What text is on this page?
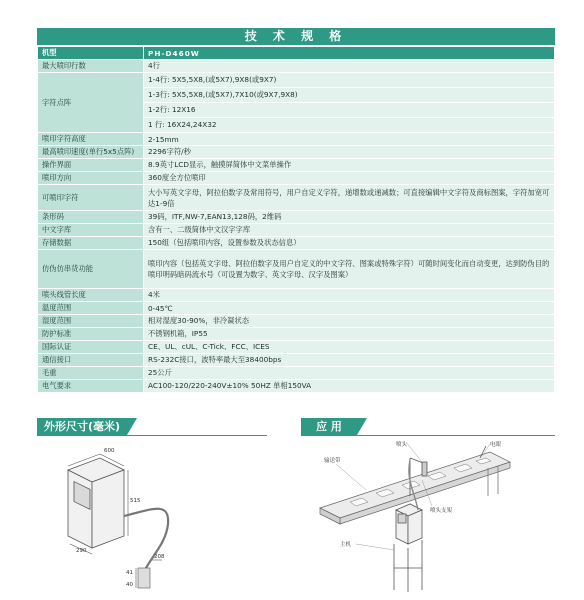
技 术 规 格
机型	PH-D460W
最大喷印行数	4行
字符点阵	1-4行: 5X5,5X8,(或5X7),9X8(或9X7)
	1-3行: 5X5,5X8,(或5X7),7X10(或9X7,9X8)
	1-2行: 12X16
	1 行: 16X24,24X32
喷印字符高度	2-15mm
最高喷印速度(单行5x5点阵)	2296字符/秒
操作界面	8.9英寸LCD显示，触摸屏简体中文菜单操作
喷印方向	360度全方位喷印
可喷印字符	大小写英文字母，阿拉伯数字及常用符号，用户自定义字符，递增数或递减数；可直接编辑中文字符及商标图案，字符加宽可达1-9倍
条形码	39码，ITF,NW-7,EAN13,128码，2维码
中文字库	含有一、二级简体中文汉字字库
存储数据	150组（包括喷印内容，设置参数及状态信息）
仿伪仿串货功能	喷印内容（包括英文字母、阿拉伯数字及用户自定义的中文字符、图案或特殊字符）可随时间变化而自动变更，达到防伪目的
喷印明码暗码流水号（可设置为数字、英文字母、汉字及图案）
喷头线管长度	4米
温度范围	0-45℃
湿度范围	相对湿度30-90%，非冷凝状态
防护标准	不锈钢机箱，IP55
国际认证	CE、UL、cUL、C-Tick、FCC、ICES
通信接口	RS-232C接口，波特率最大至38400bps
毛重	25公斤
电气要求	AC100-120/220-240V±10% 50HZ 单相150VA
外形尺寸(毫米)	应 用
600
515
290
208
41
40
喷头	电眼
输送带
喷头支架
主机
